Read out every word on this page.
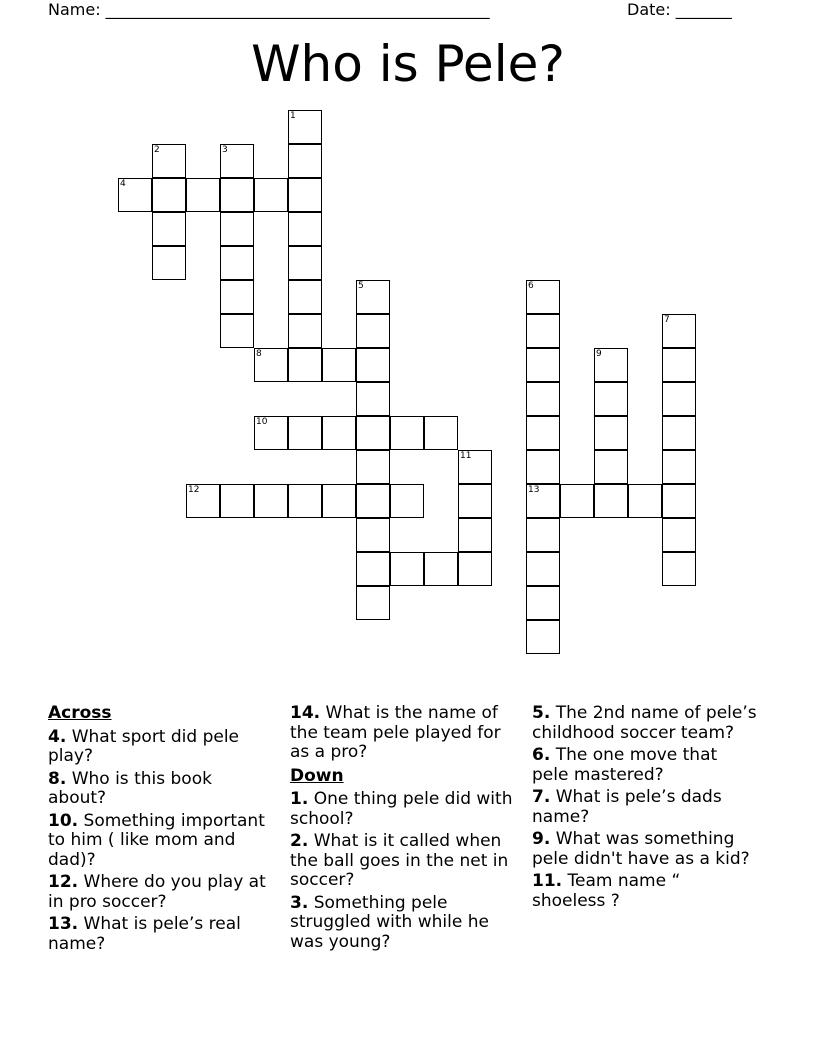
Name: ________________________________________________	Date: _______
Who is Pele?
1
2	3
4
5
8
10
11
12
6
13
9
7
Across
4. What sport did pele play?
8. Who is this book about?
10. Something important to him ( like mom and dad)?
12. Where do you play at in pro soccer?
13. What is pele’s real name?
14. What is the name of the team pele played for as a pro?
Down
1. One thing pele did with school?
2. What is it called when the ball goes in the net in soccer?
3. Something pele struggled with while he was young?
5. The 2nd name of pele’s childhood soccer team?
6. The one move that pele mastered?
7. What is pele’s dads name?
9. What was something pele didn't have as a kid?
11. Team name “ shoeless ?
